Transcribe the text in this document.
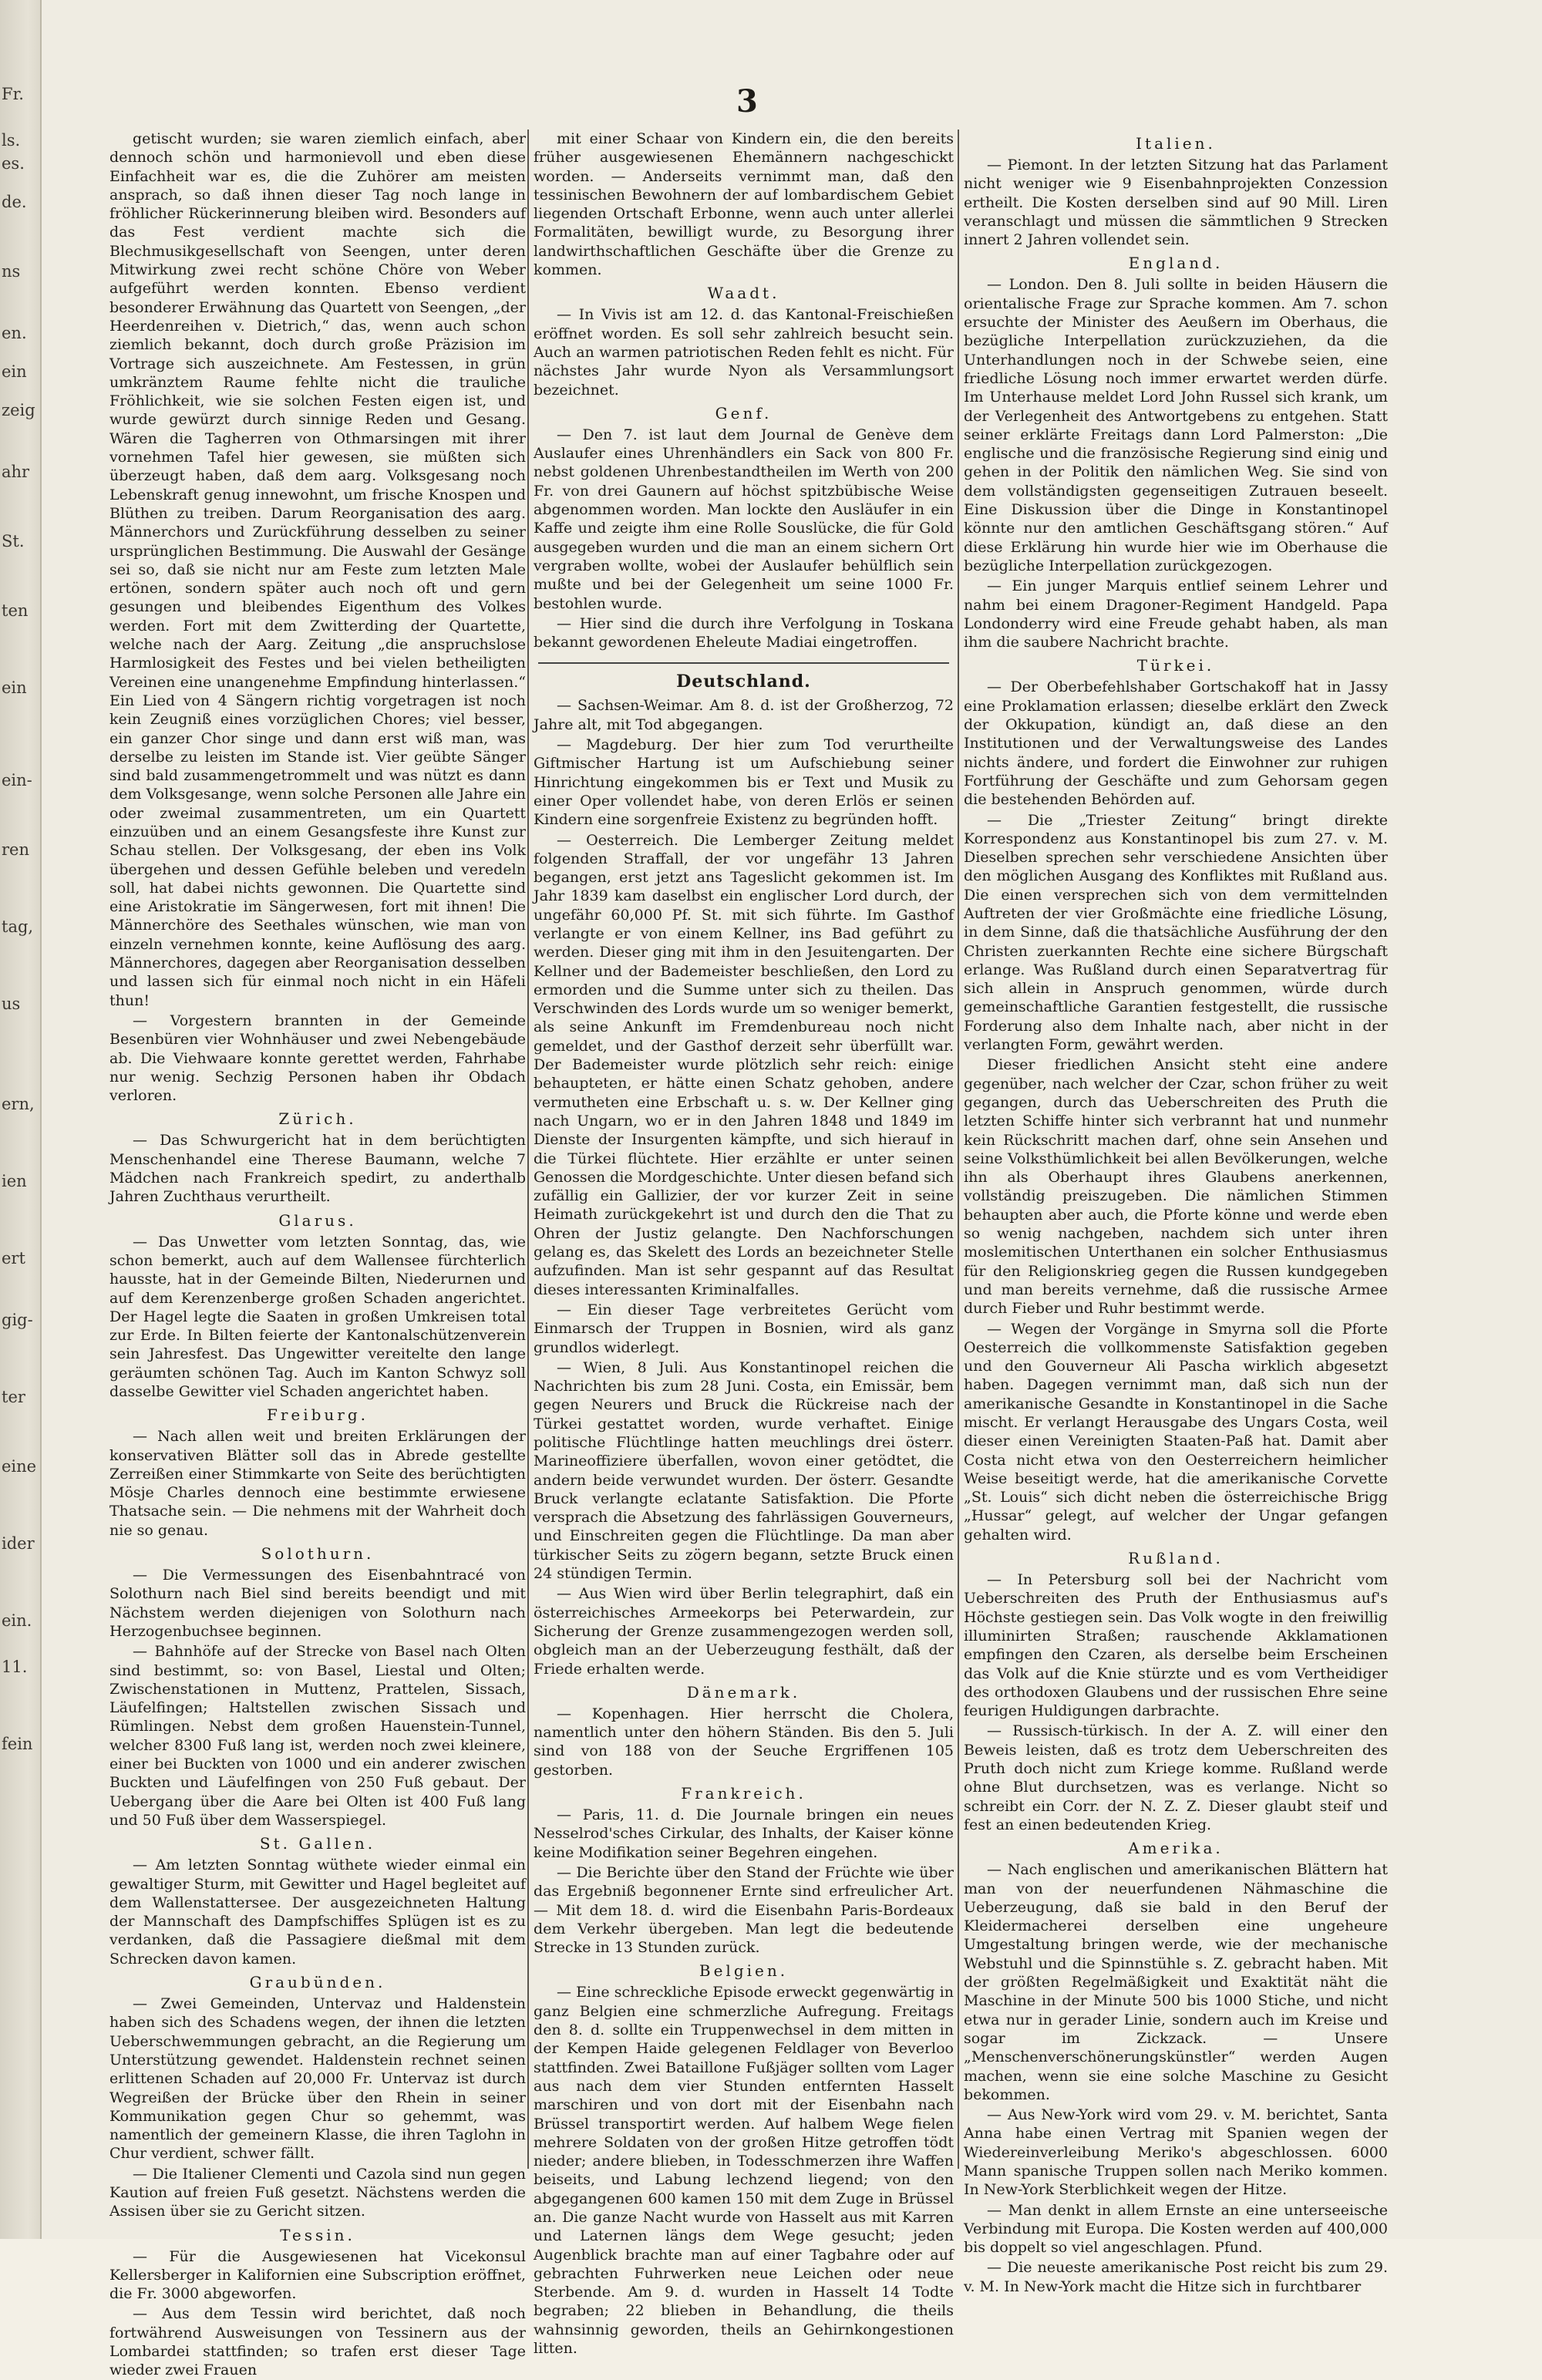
Fr.
ls.
es.
de.
ns
en.
ein
zeig
ahr
St.
ten
ein
ein-
ren
tag,
us
ern,
ien
ert
gig-
ter
eine
ider
ein.
11.
fein
3

getischt wurden; sie waren ziemlich einfach, aber dennoch schön und harmonievoll und eben diese Einfachheit war es, die die Zuhörer am meisten ansprach, so daß ihnen dieser Tag noch lange in fröhlicher Rückerinnerung bleiben wird. Besonders auf das Fest verdient machte sich die Blechmusikgesellschaft von Seengen, unter deren Mitwirkung zwei recht schöne Chöre von Weber aufgeführt werden konnten. Ebenso verdient besonderer Erwähnung das Quartett von Seengen, „der Heerdenreihen v. Dietrich,“ das, wenn auch schon ziemlich bekannt, doch durch große Präzision im Vortrage sich auszeichnete. Am Festessen, in grün umkränztem Raume fehlte nicht die trauliche Fröhlichkeit, wie sie solchen Festen eigen ist, und wurde gewürzt durch sinnige Reden und Gesang. Wären die Tagherren von Othmarsingen mit ihrer vornehmen Tafel hier gewesen, sie müßten sich überzeugt haben, daß dem aarg. Volksgesang noch Lebenskraft genug innewohnt, um frische Knospen und Blüthen zu treiben. Darum Reorganisation des aarg. Männerchors und Zurückführung desselben zu seiner ursprünglichen Bestimmung. Die Auswahl der Gesänge sei so, daß sie nicht nur am Feste zum letzten Male ertönen, sondern später auch noch oft und gern gesungen und bleibendes Eigenthum des Volkes werden. Fort mit dem Zwitterding der Quartette, welche nach der Aarg. Zeitung „die anspruchslose Harmlosigkeit des Festes und bei vielen betheiligten Vereinen eine unangenehme Empfindung hinterlassen.“ Ein Lied von 4 Sängern richtig vorgetragen ist noch kein Zeugniß eines vorzüglichen Chores; viel besser, ein ganzer Chor singe und dann erst wiß man, was derselbe zu leisten im Stande ist. Vier geübte Sänger sind bald zusammengetrommelt und was nützt es dann dem Volksgesange, wenn solche Personen alle Jahre ein oder zweimal zusammentreten, um ein Quartett einzuüben und an einem Gesangsfeste ihre Kunst zur Schau stellen. Der Volksgesang, der eben ins Volk übergehen und dessen Gefühle beleben und veredeln soll, hat dabei nichts gewonnen. Die Quartette sind eine Aristokratie im Sängerwesen, fort mit ihnen! Die Männerchöre des Seethales wünschen, wie man von einzeln vernehmen konnte, keine Auflösung des aarg. Männerchores, dagegen aber Reorganisation desselben und lassen sich für einmal noch nicht in ein Häfeli thun!

— Vorgestern brannten in der Gemeinde Besenbüren vier Wohnhäuser und zwei Nebengebäude ab. Die Viehwaare konnte gerettet werden, Fahrhabe nur wenig. Sechzig Personen haben ihr Obdach verloren.

Zürich.

— Das Schwurgericht hat in dem berüchtigten Menschenhandel eine Therese Baumann, welche 7 Mädchen nach Frankreich spedirt, zu anderthalb Jahren Zuchthaus verurtheilt.

Glarus.

— Das Unwetter vom letzten Sonntag, das, wie schon bemerkt, auch auf dem Wallensee fürchterlich hausste, hat in der Gemeinde Bilten, Niederurnen und auf dem Kerenzenberge großen Schaden angerichtet. Der Hagel legte die Saaten in großen Umkreisen total zur Erde. In Bilten feierte der Kantonalschützenverein sein Jahresfest. Das Ungewitter vereitelte den lange geräumten schönen Tag. Auch im Kanton Schwyz soll dasselbe Gewitter viel Schaden angerichtet haben.

Freiburg.

— Nach allen weit und breiten Erklärungen der konservativen Blätter soll das in Abrede gestellte Zerreißen einer Stimmkarte von Seite des berüchtigten Mösje Charles dennoch eine bestimmte erwiesene Thatsache sein. — Die nehmens mit der Wahrheit doch nie so genau.

Solothurn.

— Die Vermessungen des Eisenbahntracé von Solothurn nach Biel sind bereits beendigt und mit Nächstem werden diejenigen von Solothurn nach Herzogenbuchsee beginnen.

— Bahnhöfe auf der Strecke von Basel nach Olten sind bestimmt, so: von Basel, Liestal und Olten; Zwischenstationen in Muttenz, Prattelen, Sissach, Läufelfingen; Haltstellen zwischen Sissach und Rümlingen. Nebst dem großen Hauenstein-Tunnel, welcher 8300 Fuß lang ist, werden noch zwei kleinere, einer bei Buckten von 1000 und ein anderer zwischen Buckten und Läufelfingen von 250 Fuß gebaut. Der Uebergang über die Aare bei Olten ist 400 Fuß lang und 50 Fuß über dem Wasserspiegel.

St. Gallen.

— Am letzten Sonntag wüthete wieder einmal ein gewaltiger Sturm, mit Gewitter und Hagel begleitet auf dem Wallenstattersee. Der ausgezeichneten Haltung der Mannschaft des Dampfschiffes Splügen ist es zu verdanken, daß die Passagiere dießmal mit dem Schrecken davon kamen.

Graubünden.

— Zwei Gemeinden, Untervaz und Haldenstein haben sich des Schadens wegen, der ihnen die letzten Ueberschwemmungen gebracht, an die Regierung um Unterstützung gewendet. Haldenstein rechnet seinen erlittenen Schaden auf 20,000 Fr. Untervaz ist durch Wegreißen der Brücke über den Rhein in seiner Kommunikation gegen Chur so gehemmt, was namentlich der gemeinern Klasse, die ihren Taglohn in Chur verdient, schwer fällt.

— Die Italiener Clementi und Cazola sind nun gegen Kaution auf freien Fuß gesetzt. Nächstens werden die Assisen über sie zu Gericht sitzen.

Tessin.

— Für die Ausgewiesenen hat Vicekonsul Kellersberger in Kalifornien eine Subscription eröffnet, die Fr. 3000 abgeworfen.

— Aus dem Tessin wird berichtet, daß noch fortwährend Ausweisungen von Tessinern aus der Lombardei stattfinden; so trafen erst dieser Tage wieder zwei Frauen

mit einer Schaar von Kindern ein, die den bereits früher ausgewiesenen Ehemännern nachgeschickt worden. — Anderseits vernimmt man, daß den tessinischen Bewohnern der auf lombardischem Gebiet liegenden Ortschaft Erbonne, wenn auch unter allerlei Formalitäten, bewilligt wurde, zu Besorgung ihrer landwirthschaftlichen Geschäfte über die Grenze zu kommen.

Waadt.

— In Vivis ist am 12. d. das Kantonal-Freischießen eröffnet worden. Es soll sehr zahlreich besucht sein. Auch an warmen patriotischen Reden fehlt es nicht. Für nächstes Jahr wurde Nyon als Versammlungsort bezeichnet.

Genf.

— Den 7. ist laut dem Journal de Genève dem Auslaufer eines Uhrenhändlers ein Sack von 800 Fr. nebst goldenen Uhrenbestandtheilen im Werth von 200 Fr. von drei Gaunern auf höchst spitzbübische Weise abgenommen worden. Man lockte den Ausläufer in ein Kaffe und zeigte ihm eine Rolle Souslücke, die für Gold ausgegeben wurden und die man an einem sichern Ort vergraben wollte, wobei der Auslaufer behülflich sein mußte und bei der Gelegenheit um seine 1000 Fr. bestohlen wurde.

— Hier sind die durch ihre Verfolgung in Toskana bekannt gewordenen Eheleute Madiai eingetroffen.

Deutschland.

— Sachsen-Weimar. Am 8. d. ist der Großherzog, 72 Jahre alt, mit Tod abgegangen.

— Magdeburg. Der hier zum Tod verurtheilte Giftmischer Hartung ist um Aufschiebung seiner Hinrichtung eingekommen bis er Text und Musik zu einer Oper vollendet habe, von deren Erlös er seinen Kindern eine sorgenfreie Existenz zu begründen hofft.

— Oesterreich. Die Lemberger Zeitung meldet folgenden Straffall, der vor ungefähr 13 Jahren begangen, erst jetzt ans Tageslicht gekommen ist. Im Jahr 1839 kam daselbst ein englischer Lord durch, der ungefähr 60,000 Pf. St. mit sich führte. Im Gasthof verlangte er von einem Kellner, ins Bad geführt zu werden. Dieser ging mit ihm in den Jesuitengarten. Der Kellner und der Bademeister beschließen, den Lord zu ermorden und die Summe unter sich zu theilen. Das Verschwinden des Lords wurde um so weniger bemerkt, als seine Ankunft im Fremdenbureau noch nicht gemeldet, und der Gasthof derzeit sehr überfüllt war. Der Bademeister wurde plötzlich sehr reich: einige behaupteten, er hätte einen Schatz gehoben, andere vermutheten eine Erbschaft u. s. w. Der Kellner ging nach Ungarn, wo er in den Jahren 1848 und 1849 im Dienste der Insurgenten kämpfte, und sich hierauf in die Türkei flüchtete. Hier erzählte er unter seinen Genossen die Mordgeschichte. Unter diesen befand sich zufällig ein Gallizier, der vor kurzer Zeit in seine Heimath zurückgekehrt ist und durch den die That zu Ohren der Justiz gelangte. Den Nachforschungen gelang es, das Skelett des Lords an bezeichneter Stelle aufzufinden. Man ist sehr gespannt auf das Resultat dieses interessanten Kriminalfalles.

— Ein dieser Tage verbreitetes Gerücht vom Einmarsch der Truppen in Bosnien, wird als ganz grundlos widerlegt.

— Wien, 8 Juli. Aus Konstantinopel reichen die Nachrichten bis zum 28 Juni. Costa, ein Emissär, bem gegen Neurers und Bruck die Rückreise nach der Türkei gestattet worden, wurde verhaftet. Einige politische Flüchtlinge hatten meuchlings drei österr. Marineoffiziere überfallen, wovon einer getödtet, die andern beide verwundet wurden. Der österr. Gesandte Bruck verlangte eclatante Satisfaktion. Die Pforte versprach die Absetzung des fahrlässigen Gouverneurs, und Einschreiten gegen die Flüchtlinge. Da man aber türkischer Seits zu zögern begann, setzte Bruck einen 24 stündigen Termin.

— Aus Wien wird über Berlin telegraphirt, daß ein österreichisches Armeekorps bei Peterwardein, zur Sicherung der Grenze zusammengezogen werden soll, obgleich man an der Ueberzeugung festhält, daß der Friede erhalten werde.

Dänemark.

— Kopenhagen. Hier herrscht die Cholera, namentlich unter den höhern Ständen. Bis den 5. Juli sind von 188 von der Seuche Ergriffenen 105 gestorben.

Frankreich.

— Paris, 11. d. Die Journale bringen ein neues Nesselrod'sches Cirkular, des Inhalts, der Kaiser könne keine Modifikation seiner Begehren eingehen.

— Die Berichte über den Stand der Früchte wie über das Ergebniß begonnener Ernte sind erfreulicher Art. — Mit dem 18. d. wird die Eisenbahn Paris-Bordeaux dem Verkehr übergeben. Man legt die bedeutende Strecke in 13 Stunden zurück.

Belgien.

— Eine schreckliche Episode erweckt gegenwärtig in ganz Belgien eine schmerzliche Aufregung. Freitags den 8. d. sollte ein Truppenwechsel in dem mitten in der Kempen Haide gelegenen Feldlager von Beverloo stattfinden. Zwei Bataillone Fußjäger sollten vom Lager aus nach dem vier Stunden entfernten Hasselt marschiren und von dort mit der Eisenbahn nach Brüssel transportirt werden. Auf halbem Wege fielen mehrere Soldaten von der großen Hitze getroffen tödt nieder; andere blieben, in Todesschmerzen ihre Waffen beiseits, und Labung lechzend liegend; von den abgegangenen 600 kamen 150 mit dem Zuge in Brüssel an. Die ganze Nacht wurde von Hasselt aus mit Karren und Laternen längs dem Wege gesucht; jeden Augenblick brachte man auf einer Tagbahre oder auf gebrachten Fuhrwerken neue Leichen oder neue Sterbende. Am 9. d. wurden in Hasselt 14 Todte begraben; 22 blieben in Behandlung, die theils wahnsinnig geworden, theils an Gehirnkongestionen litten.

Italien.

— Piemont. In der letzten Sitzung hat das Parlament nicht weniger wie 9 Eisenbahnprojekten Conzession ertheilt. Die Kosten derselben sind auf 90 Mill. Liren veranschlagt und müssen die sämmtlichen 9 Strecken innert 2 Jahren vollendet sein.

England.

— London. Den 8. Juli sollte in beiden Häusern die orientalische Frage zur Sprache kommen. Am 7. schon ersuchte der Minister des Aeußern im Oberhaus, die bezügliche Interpellation zurückzuziehen, da die Unterhandlungen noch in der Schwebe seien, eine friedliche Lösung noch immer erwartet werden dürfe. Im Unterhause meldet Lord John Russel sich krank, um der Verlegenheit des Antwortgebens zu entgehen. Statt seiner erklärte Freitags dann Lord Palmerston: „Die englische und die französische Regierung sind einig und gehen in der Politik den nämlichen Weg. Sie sind von dem vollständigsten gegenseitigen Zutrauen beseelt. Eine Diskussion über die Dinge in Konstantinopel könnte nur den amtlichen Geschäftsgang stören.“ Auf diese Erklärung hin wurde hier wie im Oberhause die bezügliche Interpellation zurückgezogen.

— Ein junger Marquis entlief seinem Lehrer und nahm bei einem Dragoner-Regiment Handgeld. Papa Londonderry wird eine Freude gehabt haben, als man ihm die saubere Nachricht brachte.

Türkei.

— Der Oberbefehlshaber Gortschakoff hat in Jassy eine Proklamation erlassen; dieselbe erklärt den Zweck der Okkupation, kündigt an, daß diese an den Institutionen und der Verwaltungsweise des Landes nichts ändere, und fordert die Einwohner zur ruhigen Fortführung der Geschäfte und zum Gehorsam gegen die bestehenden Behörden auf.

— Die „Triester Zeitung“ bringt direkte Korrespondenz aus Konstantinopel bis zum 27. v. M. Dieselben sprechen sehr verschiedene Ansichten über den möglichen Ausgang des Konfliktes mit Rußland aus. Die einen versprechen sich von dem vermittelnden Auftreten der vier Großmächte eine friedliche Lösung, in dem Sinne, daß die thatsächliche Ausführung der den Christen zuerkannten Rechte eine sichere Bürgschaft erlange. Was Rußland durch einen Separatvertrag für sich allein in Anspruch genommen, würde durch gemeinschaftliche Garantien festgestellt, die russische Forderung also dem Inhalte nach, aber nicht in der verlangten Form, gewährt werden.

Dieser friedlichen Ansicht steht eine andere gegenüber, nach welcher der Czar, schon früher zu weit gegangen, durch das Ueberschreiten des Pruth die letzten Schiffe hinter sich verbrannt hat und nunmehr kein Rückschritt machen darf, ohne sein Ansehen und seine Volksthümlichkeit bei allen Bevölkerungen, welche ihn als Oberhaupt ihres Glaubens anerkennen, vollständig preiszugeben. Die nämlichen Stimmen behaupten aber auch, die Pforte könne und werde eben so wenig nachgeben, nachdem sich unter ihren moslemitischen Unterthanen ein solcher Enthusiasmus für den Religionskrieg gegen die Russen kundgegeben und man bereits vernehme, daß die russische Armee durch Fieber und Ruhr bestimmt werde.

— Wegen der Vorgänge in Smyrna soll die Pforte Oesterreich die vollkommenste Satisfaktion gegeben und den Gouverneur Ali Pascha wirklich abgesetzt haben. Dagegen vernimmt man, daß sich nun der amerikanische Gesandte in Konstantinopel in die Sache mischt. Er verlangt Herausgabe des Ungars Costa, weil dieser einen Vereinigten Staaten-Paß hat. Damit aber Costa nicht etwa von den Oesterreichern heimlicher Weise beseitigt werde, hat die amerikanische Corvette „St. Louis“ sich dicht neben die österreichische Brigg „Hussar“ gelegt, auf welcher der Ungar gefangen gehalten wird.

Rußland.

— In Petersburg soll bei der Nachricht vom Ueberschreiten des Pruth der Enthusiasmus auf's Höchste gestiegen sein. Das Volk wogte in den freiwillig illuminirten Straßen; rauschende Akklamationen empfingen den Czaren, als derselbe beim Erscheinen das Volk auf die Knie stürzte und es vom Vertheidiger des orthodoxen Glaubens und der russischen Ehre seine feurigen Huldigungen darbrachte.

— Russisch-türkisch. In der A. Z. will einer den Beweis leisten, daß es trotz dem Ueberschreiten des Pruth doch nicht zum Kriege komme. Rußland werde ohne Blut durchsetzen, was es verlange. Nicht so schreibt ein Corr. der N. Z. Z. Dieser glaubt steif und fest an einen bedeutenden Krieg.

Amerika.

— Nach englischen und amerikanischen Blättern hat man von der neuerfundenen Nähmaschine die Ueberzeugung, daß sie bald in den Beruf der Kleidermacherei derselben eine ungeheure Umgestaltung bringen werde, wie der mechanische Webstuhl und die Spinnstühle s. Z. gebracht haben. Mit der größten Regelmäßigkeit und Exaktität näht die Maschine in der Minute 500 bis 1000 Stiche, und nicht etwa nur in gerader Linie, sondern auch im Kreise und sogar im Zickzack. — Unsere „Menschenverschönerungskünstler“ werden Augen machen, wenn sie eine solche Maschine zu Gesicht bekommen.

— Aus New-York wird vom 29. v. M. berichtet, Santa Anna habe einen Vertrag mit Spanien wegen der Wiedereinverleibung Meriko's abgeschlossen. 6000 Mann spanische Truppen sollen nach Meriko kommen. In New-York Sterblichkeit wegen der Hitze.

— Man denkt in allem Ernste an eine unterseeische Verbindung mit Europa. Die Kosten werden auf 400,000 bis doppelt so viel angeschlagen. Pfund.

— Die neueste amerikanische Post reicht bis zum 29. v. M. In New-York macht die Hitze sich in furchtbarer
